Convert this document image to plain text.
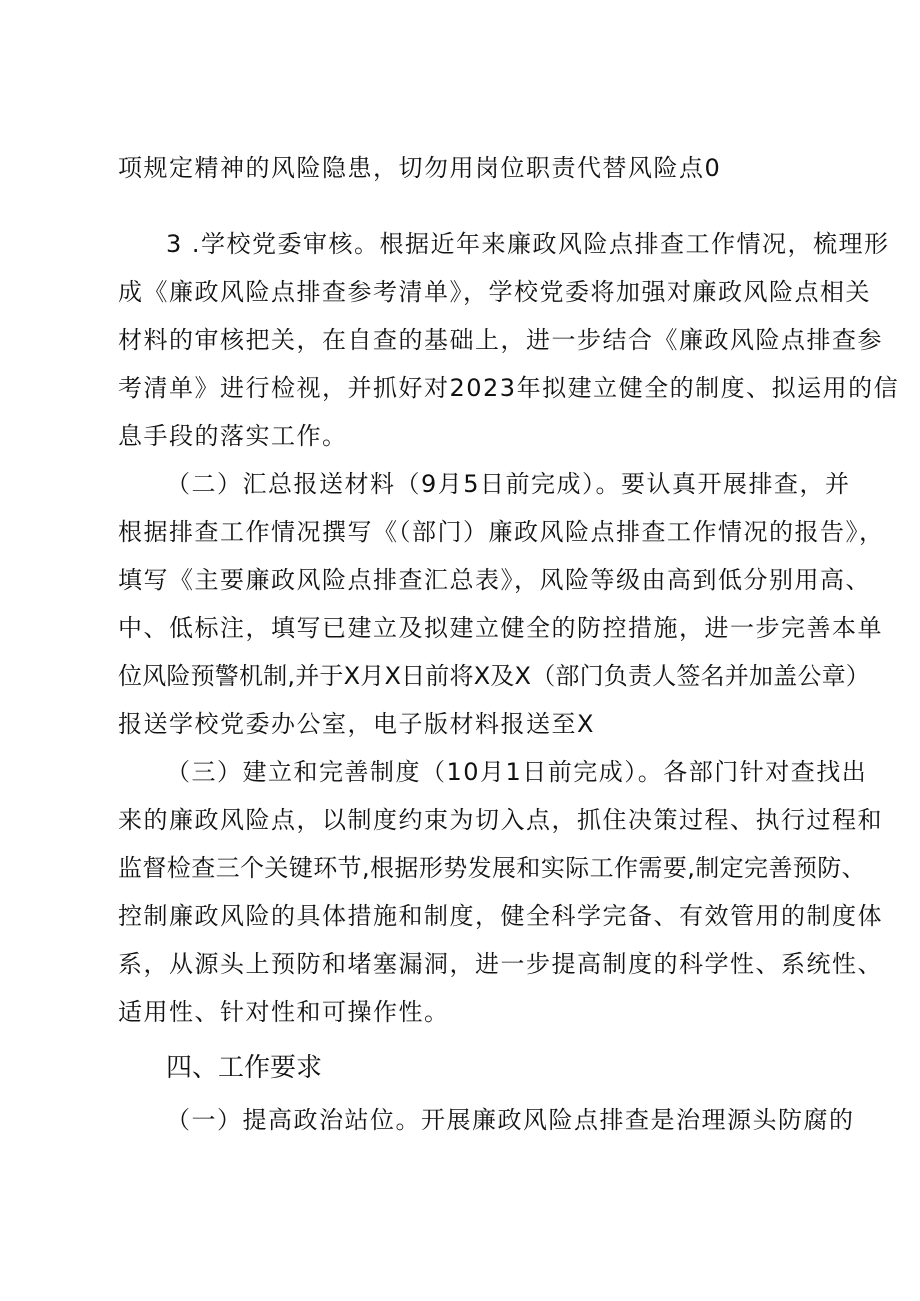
项规定精神的风险隐患，切勿用岗位职责代替风险点0
3 .学校党委审核。根据近年来廉政风险点排查工作情况，梳理形
成《廉政风险点排查参考清单》，学校党委将加强对廉政风险点相关
材料的审核把关，在自查的基础上，进一步结合《廉政风险点排查参
考清单》进行检视，并抓好对2023年拟建立健全的制度、拟运用的信
息手段的落实工作。
（二）汇总报送材料（9月5日前完成）。要认真开展排查，并
根据排查工作情况撰写《（部门）廉政风险点排查工作情况的报告》，
填写《主要廉政风险点排查汇总表》，风险等级由高到低分别用高、
中、低标注，填写已建立及拟建立健全的防控措施，进一步完善本单
位风险预警机制,并于X月X日前将X及X（部门负责人签名并加盖公章）
报送学校党委办公室，电子版材料报送至X
（三）建立和完善制度（10月1日前完成）。各部门针对查找出
来的廉政风险点，以制度约束为切入点，抓住决策过程、执行过程和
监督检查三个关键环节,根据形势发展和实际工作需要,制定完善预防、
控制廉政风险的具体措施和制度，健全科学完备、有效管用的制度体
系，从源头上预防和堵塞漏洞，进一步提高制度的科学性、系统性、
适用性、针对性和可操作性。
四、工作要求
（一）提高政治站位。开展廉政风险点排查是治理源头防腐的
